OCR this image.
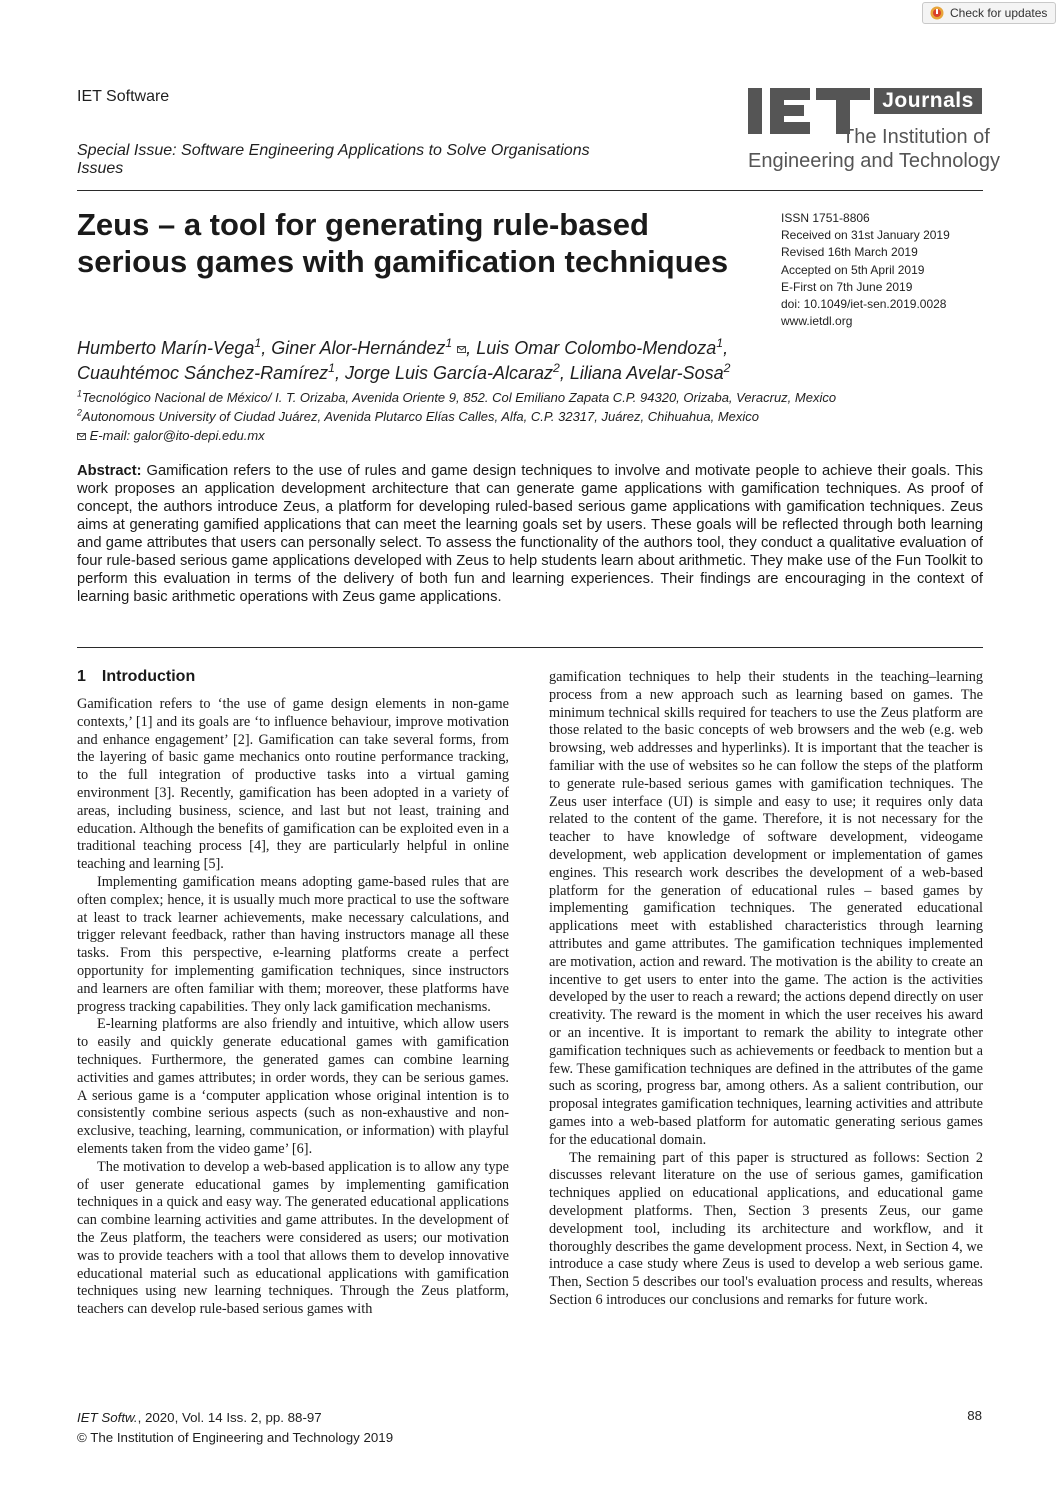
Check for updates
IET Software
Special Issue: Software Engineering Applications to Solve Organisations Issues
Journals
The Institution of
Engineering and Technology
Zeus – a tool for generating rule-based serious games with gamification techniques
ISSN 1751-8806
Received on 31st January 2019
Revised 16th March 2019
Accepted on 5th April 2019
E-First on 7th June 2019
doi: 10.1049/iet-sen.2019.0028
www.ietdl.org
Humberto Marín-Vega$^1$, Giner Alor-Hernández$^1$ , Luis Omar Colombo-Mendoza$^1$, Cuauhtémoc Sánchez-Ramírez$^1$, Jorge Luis García-Alcaraz$^2$, Liliana Avelar-Sosa$^2$
$^1$Tecnológico Nacional de México/ I. T. Orizaba, Avenida Oriente 9, 852. Col Emiliano Zapata C.P. 94320, Orizaba, Veracruz, Mexico
$^2$Autonomous University of Ciudad Juárez, Avenida Plutarco Elías Calles, Alfa, C.P. 32317, Juárez, Chihuahua, Mexico
E-mail: galor@ito-depi.edu.mx
Abstract: Gamification refers to the use of rules and game design techniques to involve and motivate people to achieve their goals. This work proposes an application development architecture that can generate game applications with gamification techniques. As proof of concept, the authors introduce Zeus, a platform for developing ruled-based serious game applications with gamification techniques. Zeus aims at generating gamified applications that can meet the learning goals set by users. These goals will be reflected through both learning and game attributes that users can personally select. To assess the functionality of the authors tool, they conduct a qualitative evaluation of four rule-based serious game applications developed with Zeus to help students learn about arithmetic. They make use of the Fun Toolkit to perform this evaluation in terms of the delivery of both fun and learning experiences. Their findings are encouraging in the context of learning basic arithmetic operations with Zeus game applications.
1 Introduction

Gamification refers to ‘the use of game design elements in non-game contexts,’ [1] and its goals are ‘to influence behaviour, improve motivation and enhance engagement’ [2]. Gamification can take several forms, from the layering of basic game mechanics onto routine performance tracking, to the full integration of productive tasks into a virtual gaming environment [3]. Recently, gamification has been adopted in a variety of areas, including business, science, and last but not least, training and education. Although the benefits of gamification can be exploited even in a traditional teaching process [4], they are particularly helpful in online teaching and learning [5].

Implementing gamification means adopting game-based rules that are often complex; hence, it is usually much more practical to use the software at least to track learner achievements, make necessary calculations, and trigger relevant feedback, rather than having instructors manage all these tasks. From this perspective, e-learning platforms create a perfect opportunity for implementing gamification techniques, since instructors and learners are often familiar with them; moreover, these platforms have progress tracking capabilities. They only lack gamification mechanisms.

E-learning platforms are also friendly and intuitive, which allow users to easily and quickly generate educational games with gamification techniques. Furthermore, the generated games can combine learning activities and games attributes; in order words, they can be serious games. A serious game is a ‘computer application whose original intention is to consistently combine serious aspects (such as non-exhaustive and non-exclusive, teaching, learning, communication, or information) with playful elements taken from the video game’ [6].

The motivation to develop a web-based application is to allow any type of user generate educational games by implementing gamification techniques in a quick and easy way. The generated educational applications can combine learning activities and game attributes. In the development of the Zeus platform, the teachers were considered as users; our motivation was to provide teachers with a tool that allows them to develop innovative educational material such as educational applications with gamification techniques using new learning techniques. Through the Zeus platform, teachers can develop rule-based serious games with

gamification techniques to help their students in the teaching–learning process from a new approach such as learning based on games. The minimum technical skills required for teachers to use the Zeus platform are those related to the basic concepts of web browsers and the web (e.g. web browsing, web addresses and hyperlinks). It is important that the teacher is familiar with the use of websites so he can follow the steps of the platform to generate rule-based serious games with gamification techniques. The Zeus user interface (UI) is simple and easy to use; it requires only data related to the content of the game. Therefore, it is not necessary for the teacher to have knowledge of software development, videogame development, web application development or implementation of games engines. This research work describes the development of a web-based platform for the generation of educational rules – based games by implementing gamification techniques. The generated educational applications meet with established characteristics through learning attributes and game attributes. The gamification techniques implemented are motivation, action and reward. The motivation is the ability to create an incentive to get users to enter into the game. The action is the activities developed by the user to reach a reward; the actions depend directly on user creativity. The reward is the moment in which the user receives his award or an incentive. It is important to remark the ability to integrate other gamification techniques such as achievements or feedback to mention but a few. These gamification techniques are defined in the attributes of the game such as scoring, progress bar, among others. As a salient contribution, our proposal integrates gamification techniques, learning activities and attribute games into a web-based platform for automatic generating serious games for the educational domain.

The remaining part of this paper is structured as follows: Section 2 discusses relevant literature on the use of serious games, gamification techniques applied on educational applications, and educational game development platforms. Then, Section 3 presents Zeus, our game development tool, including its architecture and workflow, and it thoroughly describes the game development process. Next, in Section 4, we introduce a case study where Zeus is used to develop a web serious game. Then, Section 5 describes our tool's evaluation process and results, whereas Section 6 introduces our conclusions and remarks for future work.

IET Softw., 2020, Vol. 14 Iss. 2, pp. 88-97
© The Institution of Engineering and Technology 2019
88
